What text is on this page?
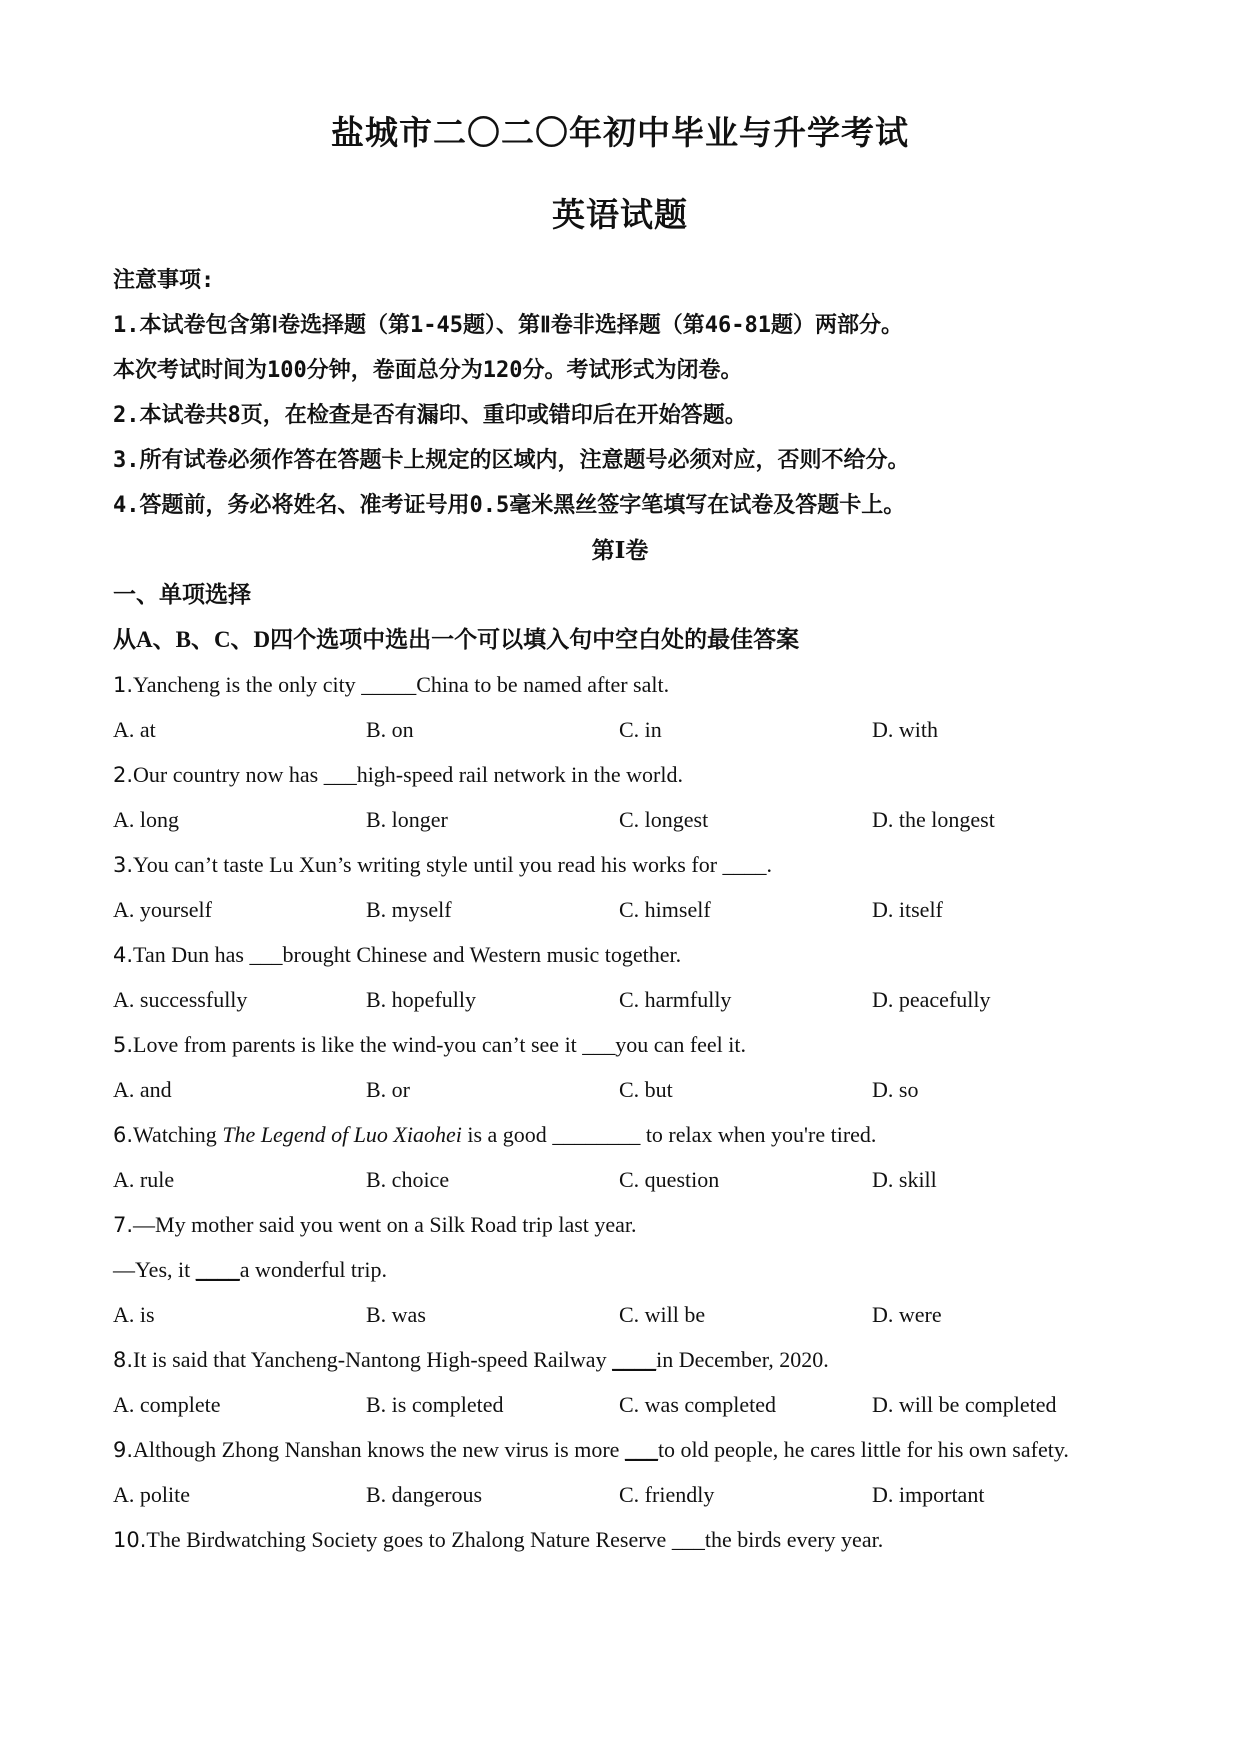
盐城市二〇二〇年初中毕业与升学考试
英语试题
注意事项:
1.本试卷包含第Ⅰ卷选择题（第1-45题）、第Ⅱ卷非选择题（第46-81题）两部分。
本次考试时间为100分钟，卷面总分为120分。考试形式为闭卷。
2.本试卷共8页，在检查是否有漏印、重印或错印后在开始答题。
3.所有试卷必须作答在答题卡上规定的区域内，注意题号必须对应，否则不给分。
4.答题前，务必将姓名、准考证号用0.5毫米黑丝签字笔填写在试卷及答题卡上。
第Ⅰ卷
一、单项选择
从A、B、C、D四个选项中选出一个可以填入句中空白处的最佳答案
1.Yancheng is the only city _____China to be named after salt.
A. at	B. on	C. in	D. with
2.Our country now has ___high-speed rail network in the world.
A. long	B. longer	C. longest	D. the longest
3.You can’t taste Lu Xun’s writing style until you read his works for ____.
A. yourself	B. myself	C. himself	D. itself
4.Tan Dun has ___brought Chinese and Western music together.
A. successfully	B. hopefully	C. harmfully	D. peacefully
5.Love from parents is like the wind-you can’t see it ___you can feel it.
A. and	B. or	C. but	D. so
6.Watching The Legend of Luo Xiaohei is a good ________ to relax when you're tired.
A. rule	B. choice	C. question	D. skill
7.—My mother said you went on a Silk Road trip last year.
—Yes, it ____a wonderful trip.
A. is	B. was	C. will be	D. were
8.It is said that Yancheng-Nantong High-speed Railway ____in December, 2020.
A. complete	B. is completed	C. was completed	D. will be completed
9.Although Zhong Nanshan knows the new virus is more ___to old people, he cares little for his own safety.
A. polite	B. dangerous	C. friendly	D. important
10.The Birdwatching Society goes to Zhalong Nature Reserve ___the birds every year.
